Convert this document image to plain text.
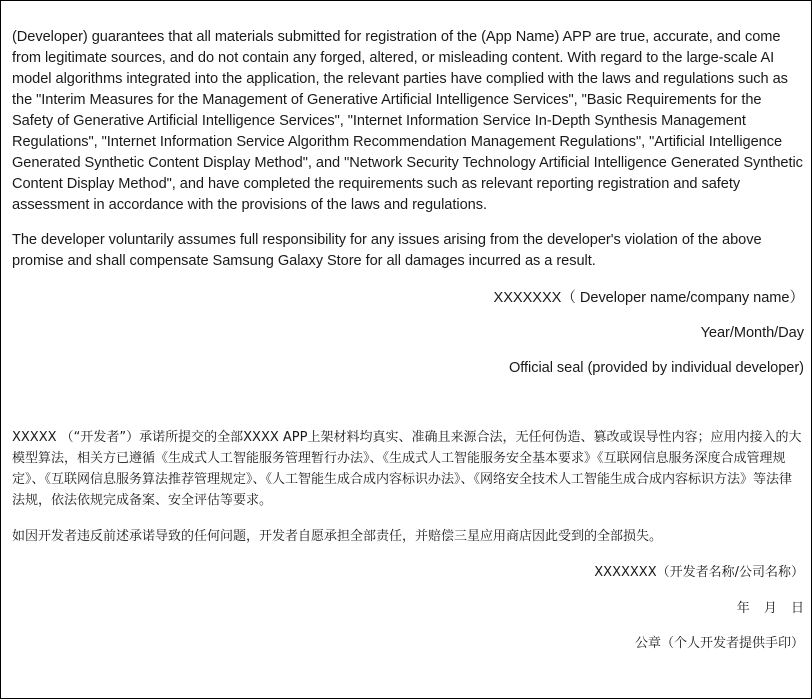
(Developer) guarantees that all materials submitted for registration of the (App Name) APP are true, accurate, and come from legitimate sources, and do not contain any forged, altered, or misleading content. With regard to the large-scale AI model algorithms integrated into the application, the relevant parties have complied with the laws and regulations such as the "Interim Measures for the Management of Generative Artificial Intelligence Services", "Basic Requirements for the Safety of Generative Artificial Intelligence Services", "Internet Information Service In-Depth Synthesis Management Regulations", "Internet Information Service Algorithm Recommendation Management Regulations", "Artificial Intelligence Generated Synthetic Content Display Method", and "Network Security Technology Artificial Intelligence Generated Synthetic Content Display Method", and have completed the requirements such as relevant reporting registration and safety assessment in accordance with the provisions of the laws and regulations.

The developer voluntarily assumes full responsibility for any issues arising from the developer's violation of the above promise and shall compensate Samsung Galaxy Store for all damages incurred as a result.

XXXXXXX（ Developer name/company name）

Year/Month/Day

Official seal (provided by individual developer)

XXXXX （“开发者”）承诺所提交的全部XXXX APP上架材料均真实、准确且来源合法，无任何伪造、篡改或误导性内容；应用内接入的大模型算法，相关方已遵循《生成式人工智能服务管理暂行办法》、《生成式人工智能服务安全基本要求》《互联网信息服务深度合成管理规定》、《互联网信息服务算法推荐管理规定》、《人工智能生成合成内容标识办法》、《网络安全技术人工智能生成合成内容标识方法》等法律法规，依法依规完成备案、安全评估等要求。

如因开发者违反前述承诺导致的任何问题，开发者自愿承担全部责任，并赔偿三星应用商店因此受到的全部损失。

XXXXXXX（开发者名称/公司名称）

年 月 日

公章（个人开发者提供手印）
